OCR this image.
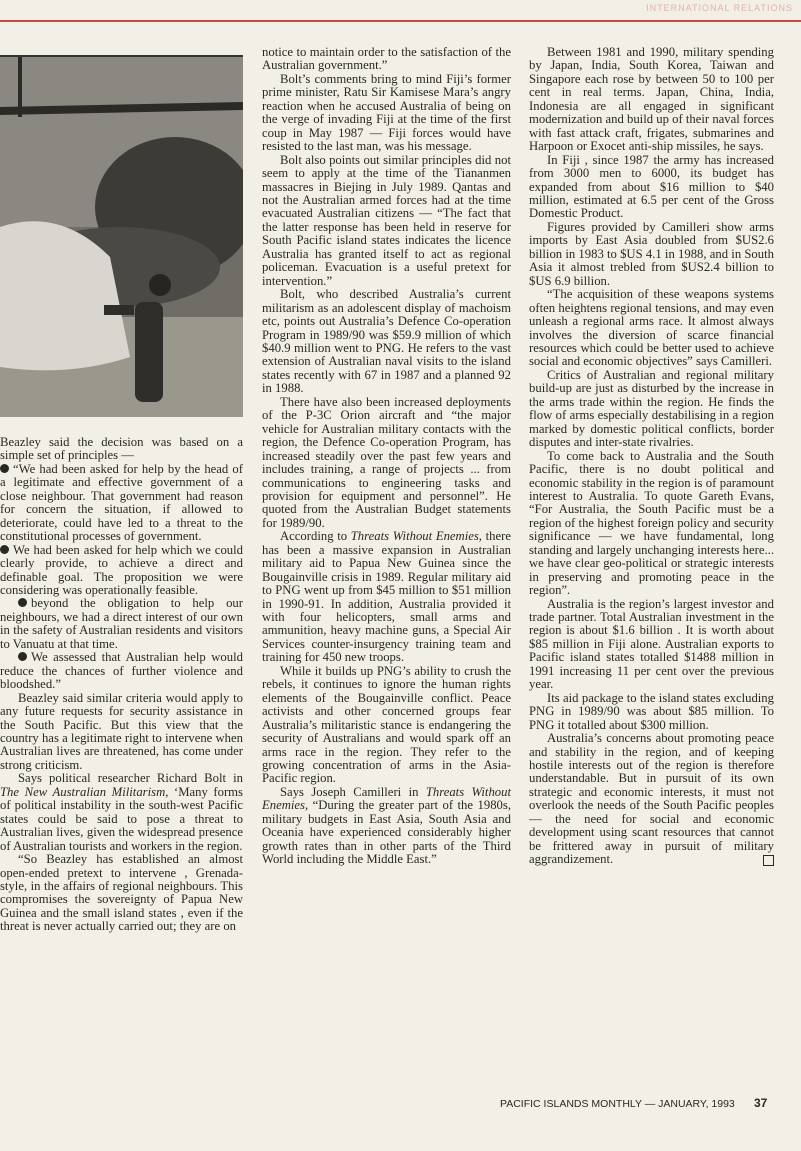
INTERNATIONAL RELATIONS

Beazley said the decision was based on a simple set of principles —

“We had been asked for help by the head of a legitimate and effective government of a close neighbour. That government had reason for concern the situation, if allowed to deteriorate, could have led to a threat to the constitutional processes of government.

We had been asked for help which we could clearly provide, to achieve a direct and definable goal. The proposition we were considering was operationally feasible.

beyond the obligation to help our neighbours, we had a direct interest of our own in the safety of Australian residents and visitors to Vanuatu at that time.

We assessed that Australian help would reduce the chances of further violence and bloodshed.”

Beazley said similar criteria would apply to any future requests for security assistance in the South Pacific. But this view that the country has a legitimate right to intervene when Australian lives are threatened, has come under strong criticism.

Says political researcher Richard Bolt in The New Australian Militarism, ‘Many forms of political instability in the south-west Pacific states could be said to pose a threat to Australian lives, given the widespread presence of Australian tourists and workers in the region.

“So Beazley has established an almost open-ended pretext to intervene , Grenada-style, in the affairs of regional neighbours. This compromises the sovereignty of Papua New Guinea and the small island states , even if the threat is never actually carried out; they are on

notice to maintain order to the satisfaction of the Australian government.”

Bolt’s comments bring to mind Fiji’s former prime minister, Ratu Sir Kamisese Mara’s angry reaction when he accused Australia of being on the verge of invading Fiji at the time of the first coup in May 1987 — Fiji forces would have resisted to the last man, was his message.

Bolt also points out similar principles did not seem to apply at the time of the Tiananmen massacres in Biejing in July 1989. Qantas and not the Australian armed forces had at the time evacuated Australian citizens — “The fact that the latter response has been held in reserve for South Pacific island states indicates the licence Australia has granted itself to act as regional policeman. Evacuation is a useful pretext for intervention.”

Bolt, who described Australia’s current militarism as an adolescent display of machoism etc, points out Australia’s Defence Co-operation Program in 1989/90 was $59.9 million of which $40.9 million went to PNG. He refers to the vast extension of Australian naval visits to the island states recently with 67 in 1987 and a planned 92 in 1988.

There have also been increased deployments of the P-3C Orion aircraft and “the major vehicle for Australian military contacts with the region, the Defence Co-operation Program, has increased steadily over the past few years and includes training, a range of projects ... from communications to engineering tasks and provision for equipment and personnel”. He quoted from the Australian Budget statements for 1989/90.

According to Threats Without Enemies, there has been a massive expansion in Australian military aid to Papua New Guinea since the Bougainville crisis in 1989. Regular military aid to PNG went up from $45 million to $51 million in 1990-91. In addition, Australia provided it with four helicopters, small arms and ammunition, heavy machine guns, a Special Air Services counter-insurgency training team and training for 450 new troops.

While it builds up PNG’s ability to crush the rebels, it continues to ignore the human rights elements of the Bougainville conflict. Peace activists and other concerned groups fear Australia’s militaristic stance is endangering the security of Australians and would spark off an arms race in the region. They refer to the growing concentration of arms in the Asia-Pacific region.

Says Joseph Camilleri in Threats Without Enemies, “During the greater part of the 1980s, military budgets in East Asia, South Asia and Oceania have experienced considerably higher growth rates than in other parts of the Third World including the Middle East.”

Between 1981 and 1990, military spending by Japan, India, South Korea, Taiwan and Singapore each rose by between 50 to 100 per cent in real terms. Japan, China, India, Indonesia are all engaged in significant modernization and build up of their naval forces with fast attack craft, frigates, submarines and Harpoon or Exocet anti-ship missiles, he says.

In Fiji , since 1987 the army has increased from 3000 men to 6000, its budget has expanded from about $16 million to $40 million, estimated at 6.5 per cent of the Gross Domestic Product.

Figures provided by Camilleri show arms imports by East Asia doubled from $US2.6 billion in 1983 to $US 4.1 in 1988, and in South Asia it almost trebled from $US2.4 billion to $US 6.9 billion.

“The acquisition of these weapons systems often heightens regional tensions, and may even unleash a regional arms race. It almost always involves the diversion of scarce financial resources which could be better used to achieve social and economic objectives” says Camilleri.

Critics of Australian and regional military build-up are just as disturbed by the increase in the arms trade within the region. He finds the flow of arms especially destabilising in a region marked by domestic political conflicts, border disputes and inter-state rivalries.

To come back to Australia and the South Pacific, there is no doubt political and economic stability in the region is of paramount interest to Australia. To quote Gareth Evans, “For Australia, the South Pacific must be a region of the highest foreign policy and security significance — we have fundamental, long standing and largely unchanging interests here... we have clear geo-political or strategic interests in preserving and promoting peace in the region”.

Australia is the region’s largest investor and trade partner. Total Australian investment in the region is about $1.6 billion . It is worth about $85 million in Fiji alone. Australian exports to Pacific island states totalled $1488 million in 1991 increasing 11 per cent over the previous year.

Its aid package to the island states excluding PNG in 1989/90 was about $85 million. To PNG it totalled about $300 million.

Australia’s concerns about promoting peace and stability in the region, and of keeping hostile interests out of the region is therefore understandable. But in pursuit of its own strategic and economic interests, it must not overlook the needs of the South Pacific peoples — the need for social and economic development using scant resources that cannot be frittered away in pursuit of military aggrandizement.

PACIFIC ISLANDS MONTHLY — JANUARY, 1993 37
